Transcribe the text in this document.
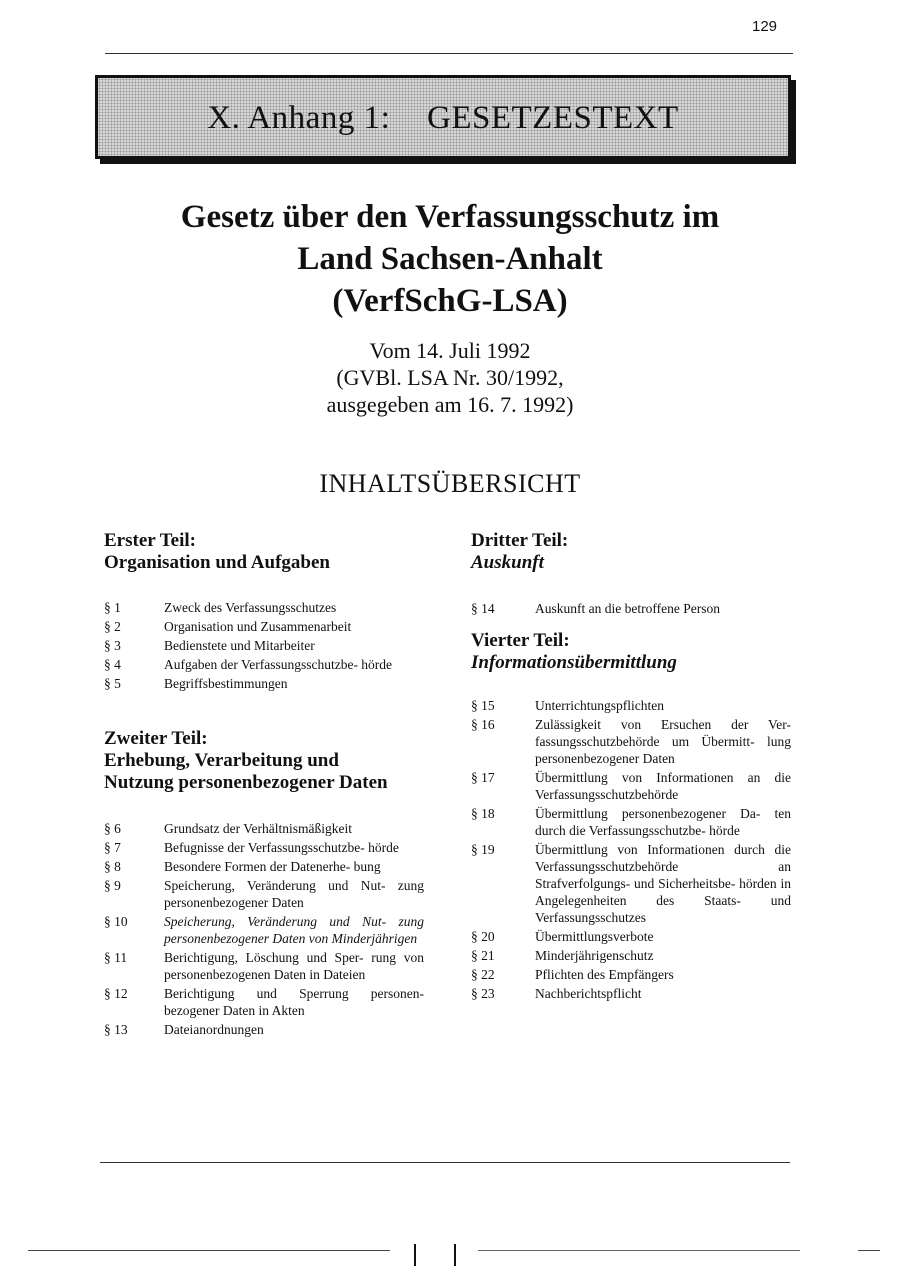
129
X. Anhang 1: GESETZESTEXT
Gesetz über den Verfassungsschutz im
Land Sachsen-Anhalt
(VerfSchG-LSA)
Vom 14. Juli 1992
(GVBl. LSA Nr. 30/1992,
ausgegeben am 16. 7. 1992)
INHALTSÜBERSICHT
Erster Teil:
Organisation und Aufgaben
§ 1	Zweck des Verfassungsschutzes
§ 2	Organisation und Zusammenarbeit
§ 3	Bedienstete und Mitarbeiter
§ 4	Aufgaben der Verfassungsschutzbe- hörde
§ 5	Begriffsbestimmungen
Zweiter Teil:
Erhebung, Verarbeitung und
Nutzung personenbezogener Daten
§ 6	Grundsatz der Verhältnismäßigkeit
§ 7	Befugnisse der Verfassungsschutzbe- hörde
§ 8	Besondere Formen der Datenerhe- bung
§ 9	Speicherung, Veränderung und Nut- zung personenbezogener Daten
§ 10	Speicherung, Veränderung und Nut- zung personenbezogener Daten von Minderjährigen
§ 11	Berichtigung, Löschung und Sper- rung von personenbezogenen Daten in Dateien
§ 12	Berichtigung und Sperrung personen- bezogener Daten in Akten
§ 13	Dateianordnungen
Dritter Teil:
Auskunft
§ 14	Auskunft an die betroffene Person
Vierter Teil:
Informationsübermittlung
§ 15	Unterrichtungspflichten
§ 16	Zulässigkeit von Ersuchen der Ver- fassungsschutzbehörde um Übermitt- lung personenbezogener Daten
§ 17	Übermittlung von Informationen an die Verfassungsschutzbehörde
§ 18	Übermittlung personenbezogener Da- ten durch die Verfassungsschutzbe- hörde
§ 19	Übermittlung von Informationen durch die Verfassungsschutzbehörde an Strafverfolgungs- und Sicherheitsbe- hörden in Angelegenheiten des Staats- und Verfassungsschutzes
§ 20	Übermittlungsverbote
§ 21	Minderjährigenschutz
§ 22	Pflichten des Empfängers
§ 23	Nachberichtspflicht
